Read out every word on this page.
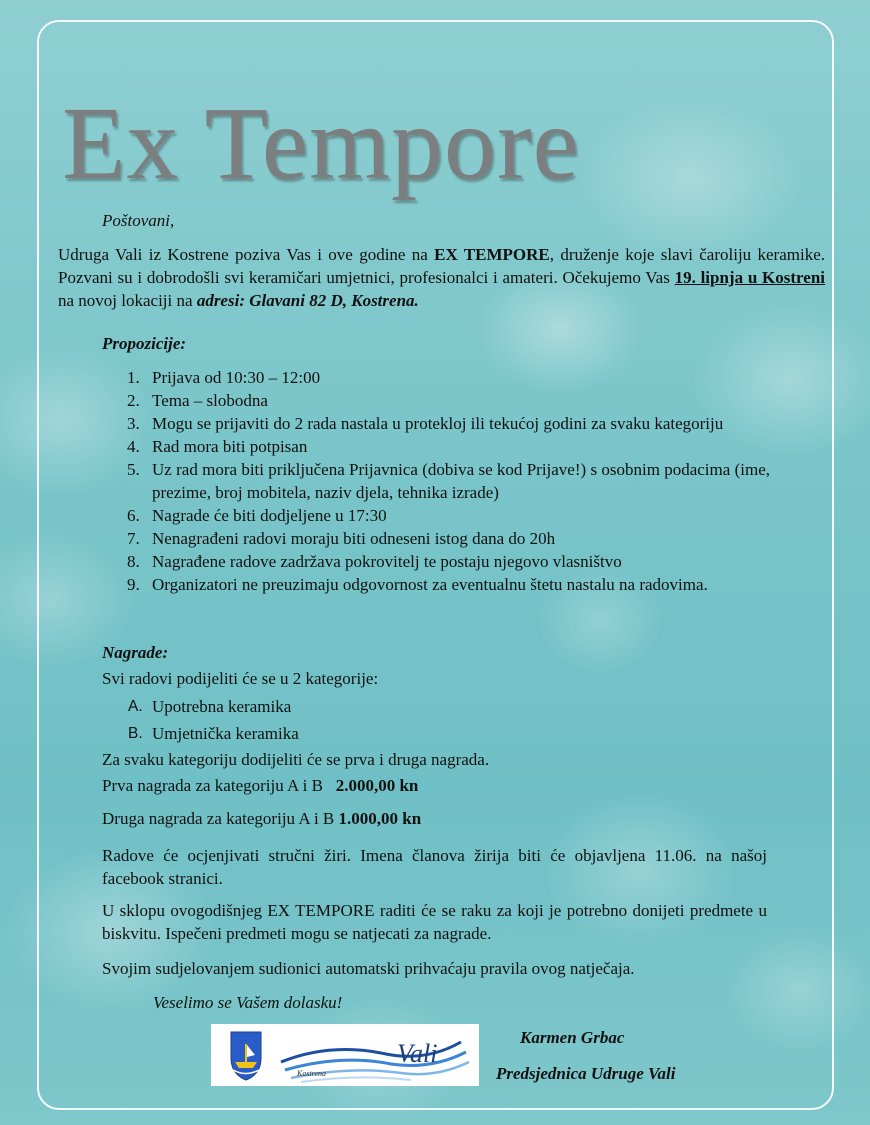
Ex Tempore
Poštovani,

Udruga Vali iz Kostrene poziva Vas i ove godine na EX TEMPORE, druženje koje slavi čaroliju keramike. Pozvani su i dobrodošli svi keramičari umjetnici, profesionalci i amateri. Očekujemo Vas 19. lipnja u Kostreni na novoj lokaciji na adresi: Glavani 82 D, Kostrena.

Propozicije:
1. Prijava od 10:30 – 12:00
2. Tema – slobodna
3. Mogu se prijaviti do 2 rada nastala u protekloj ili tekućoj godini za svaku kategoriju
4. Rad mora biti potpisan
5. Uz rad mora biti priključena Prijavnica (dobiva se kod Prijave!) s osobnim podacima (ime, prezime, broj mobitela, naziv djela, tehnika izrade)
6. Nagrade će biti dodjeljene u 17:30
7. Nenagrađeni radovi moraju biti odneseni istog dana do 20h
8. Nagrađene radove zadržava pokrovitelj te postaju njegovo vlasništvo
9. Organizatori ne preuzimaju odgovornost za eventualnu štetu nastalu na radovima.
Nagrade:
Svi radovi podijeliti će se u 2 kategorije:
A. Upotrebna keramika
B. Umjetnička keramika
Za svaku kategoriju dodijeliti će se prva i druga nagrada.
Prva nagrada za kategoriju A i B   2.000,00 kn
Druga nagrada za kategoriju A i B 1.000,00 kn

Radove će ocjenjivati stručni žiri. Imena članova žirija biti će objavljena 11.06. na našoj facebook stranici.

U sklopu ovogodišnjeg EX TEMPORE raditi će se raku za koji je potrebno donijeti predmete u biskvitu. Ispečeni predmeti mogu se natjecati za nagrade.

Svojim sudjelovanjem sudionici automatski prihvaćaju pravila ovog natječaja.
Veselimo se Vašem dolasku!
Kostrena
Vali
Karmen Grbac
Predsjednica Udruge Vali
